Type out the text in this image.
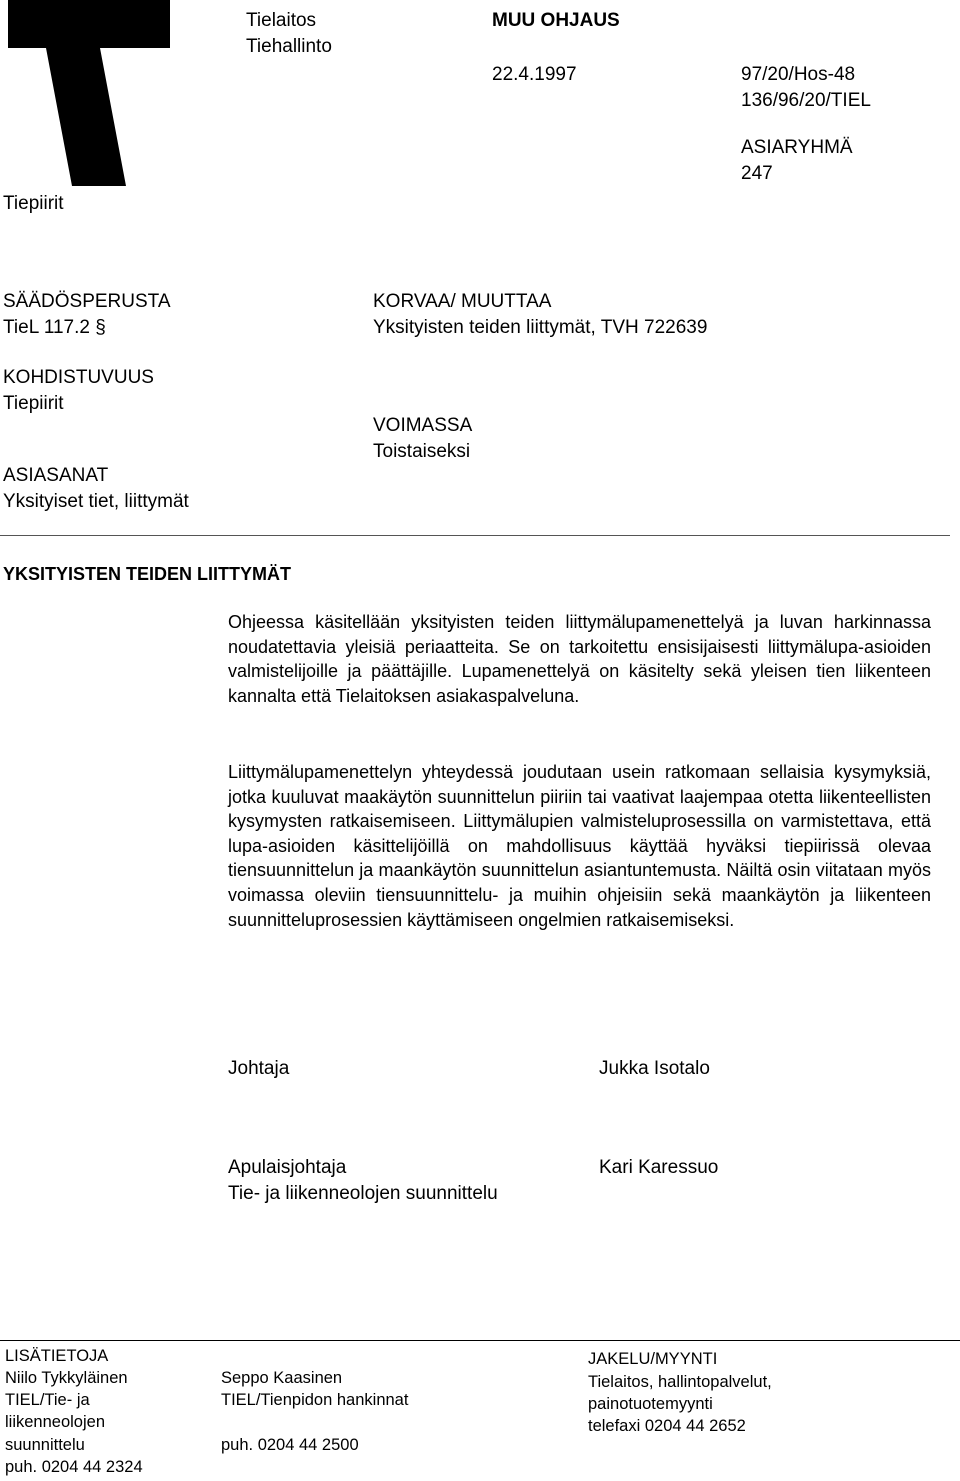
Tielaitos
Tiehallinto
MUU OHJAUS
22.4.1997	97/20/Hos-48
136/96/20/TIEL
ASIARYHMÄ
247
Tiepiirit
SÄÄDÖSPERUSTA
TieL 117.2 §
KORVAA/ MUUTTAA
Yksityisten teiden liittymät, TVH 722639
KOHDISTUVUUS
Tiepiirit
VOIMASSA
Toistaiseksi
ASIASANAT
Yksityiset tiet, liittymät
YKSITYISTEN TEIDEN LIITTYMÄT
Ohjeessa käsitellään yksityisten teiden liittymälupamenettelyä ja luvan harkinnassa noudatettavia yleisiä periaatteita. Se on tarkoitettu ensisijaisesti liittymälupa-asioiden valmistelijoille ja päättäjille. Lupamenettelyä on käsitelty sekä yleisen tien liikenteen kannalta että Tielaitoksen asiakaspalveluna.
Liittymälupamenettelyn yhteydessä joudutaan usein ratkomaan sellaisia kysymyksiä, jotka kuuluvat maakäytön suunnittelun piiriin tai vaativat laajempaa otetta liikenteellisten kysymysten ratkaisemiseen. Liittymälupien valmisteluprosessilla on varmistettava, että lupa-asioiden käsittelijöillä on mahdollisuus käyttää hyväksi tiepiirissä olevaa tiensuunnittelun ja maankäytön suunnittelun asiantuntemusta. Näiltä osin viitataan myös voimassa oleviin tiensuunnittelu- ja muihin ohjeisiin sekä maankäytön ja liikenteen suunnitteluprosessien käyttämiseen ongelmien ratkaisemiseksi.
Johtaja	Jukka Isotalo
Apulaisjohtaja
Tie- ja liikenneolojen suunnittelu
Kari Karessuo
LISÄTIETOJA
Niilo Tykkyläinen
TIEL/Tie- ja
liikenneolojen
suunnittelu
puh. 0204 44 2324
Seppo Kaasinen
TIEL/Tienpidon hankinnat
puh. 0204 44 2500
JAKELU/MYYNTI
Tielaitos, hallintopalvelut,
painotuotemyynti
telefaxi 0204 44 2652
